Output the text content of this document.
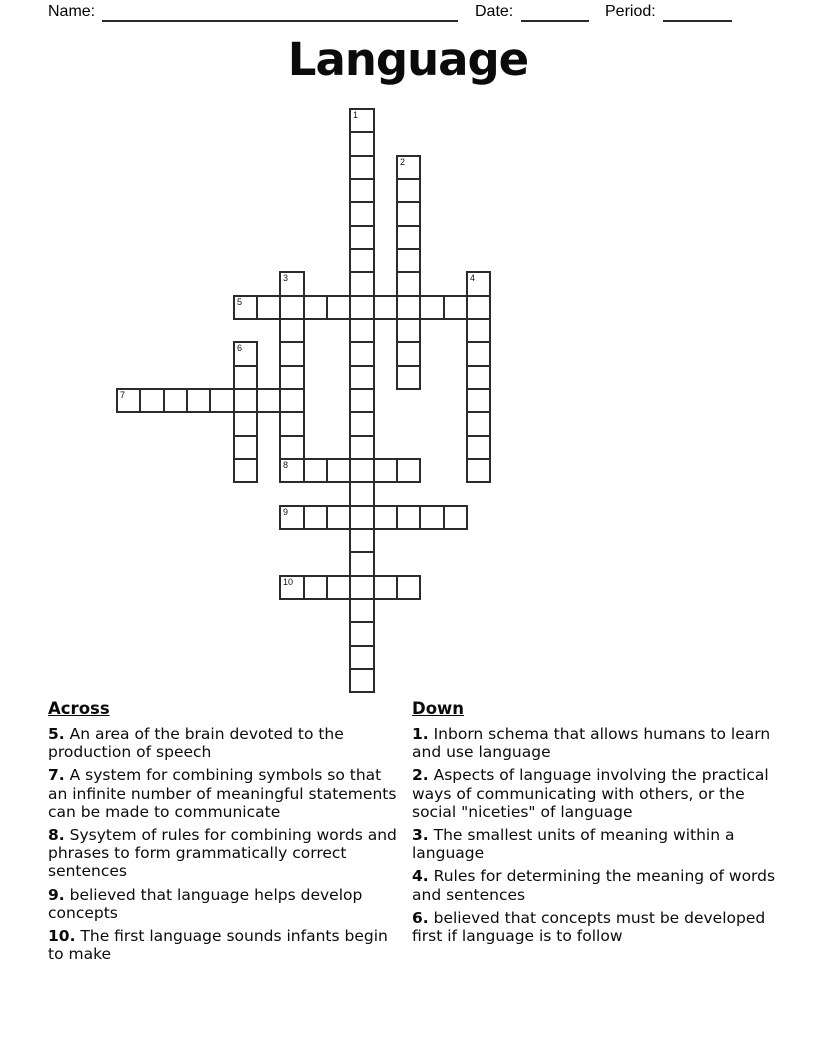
Name:	Date:	Period:
Language
1
2
3
8
4
5
6
7
9
10

Across

5. An area of the brain devoted to the production of speech

7. A system for combining symbols so that an infinite number of meaningful statements can be made to communicate

8. Sysytem of rules for combining words and phrases to form grammatically correct sentences

9. believed that language helps develop concepts

10. The first language sounds infants begin to make

Down

1. Inborn schema that allows humans to learn and use language

2. Aspects of language involving the practical ways of communicating with others, or the social "niceties" of language

3. The smallest units of meaning within a language

4. Rules for determining the meaning of words and sentences

6. believed that concepts must be developed first if language is to follow
